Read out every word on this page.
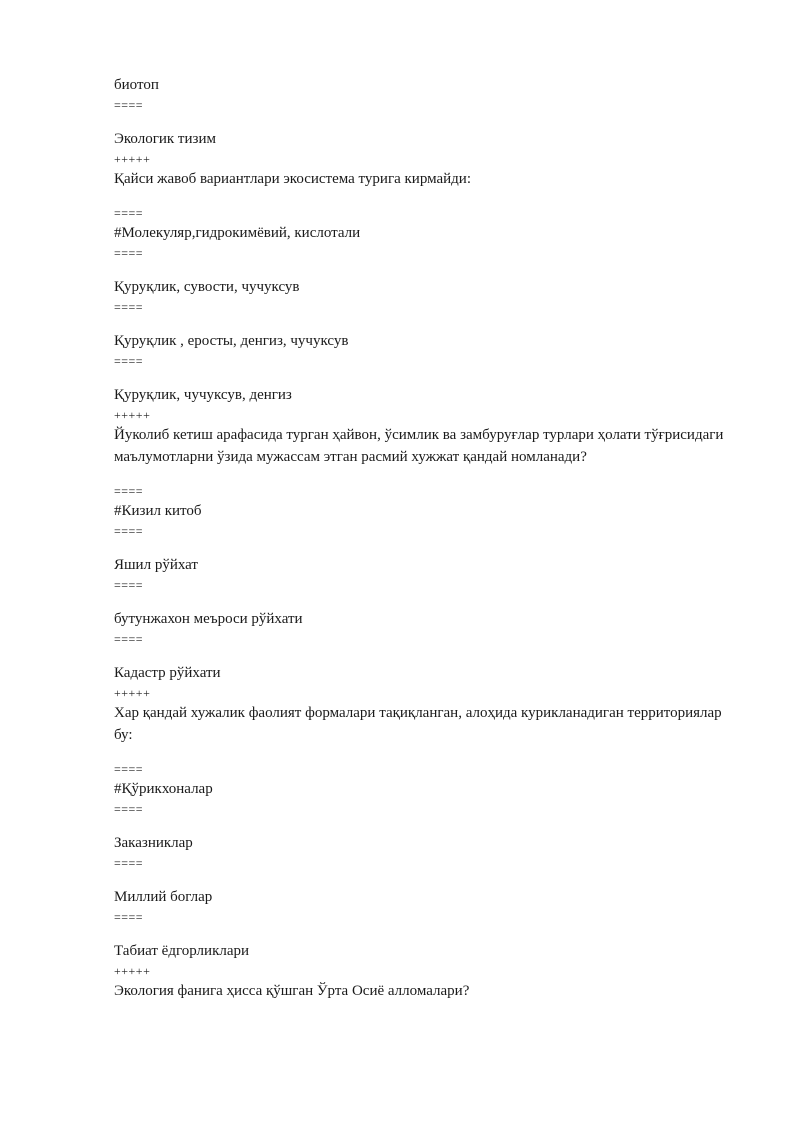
биотоп
====
Экологик тизим
+++++
Қайси жавоб вариантлари экосистема турига кирмайди:
====
#Молекуляр,гидрокимёвий, кислотали
====
Қуруқлик, сувости, чучуксув
====
Қуруқлик , еросты, денгиз, чучуксув
====
Қуруқлик, чучуксув, денгиз
+++++
Йуколиб кетиш арафасида турган ҳайвон, ўсимлик ва замбуруғлар турлари ҳолати тўғрисидаги маълумотларни ўзида мужассам этган расмий хужжат қандай номланади?
====
#Кизил китоб
====
Яшил рўйхат
====
бутунжахон меъроси рўйхати
====
Кадастр рўйхати
+++++
Хар қандай хужалик фаолият формалари тақиқланган, алоҳида курикланадиган территориялар бу:
====
#Қўрикхоналар
====
Заказниклар
====
Миллий боглар
====
Табиат ёдгорликлари
+++++
Экология фанига ҳисса қўшган Ўрта Осиё алломалари?
